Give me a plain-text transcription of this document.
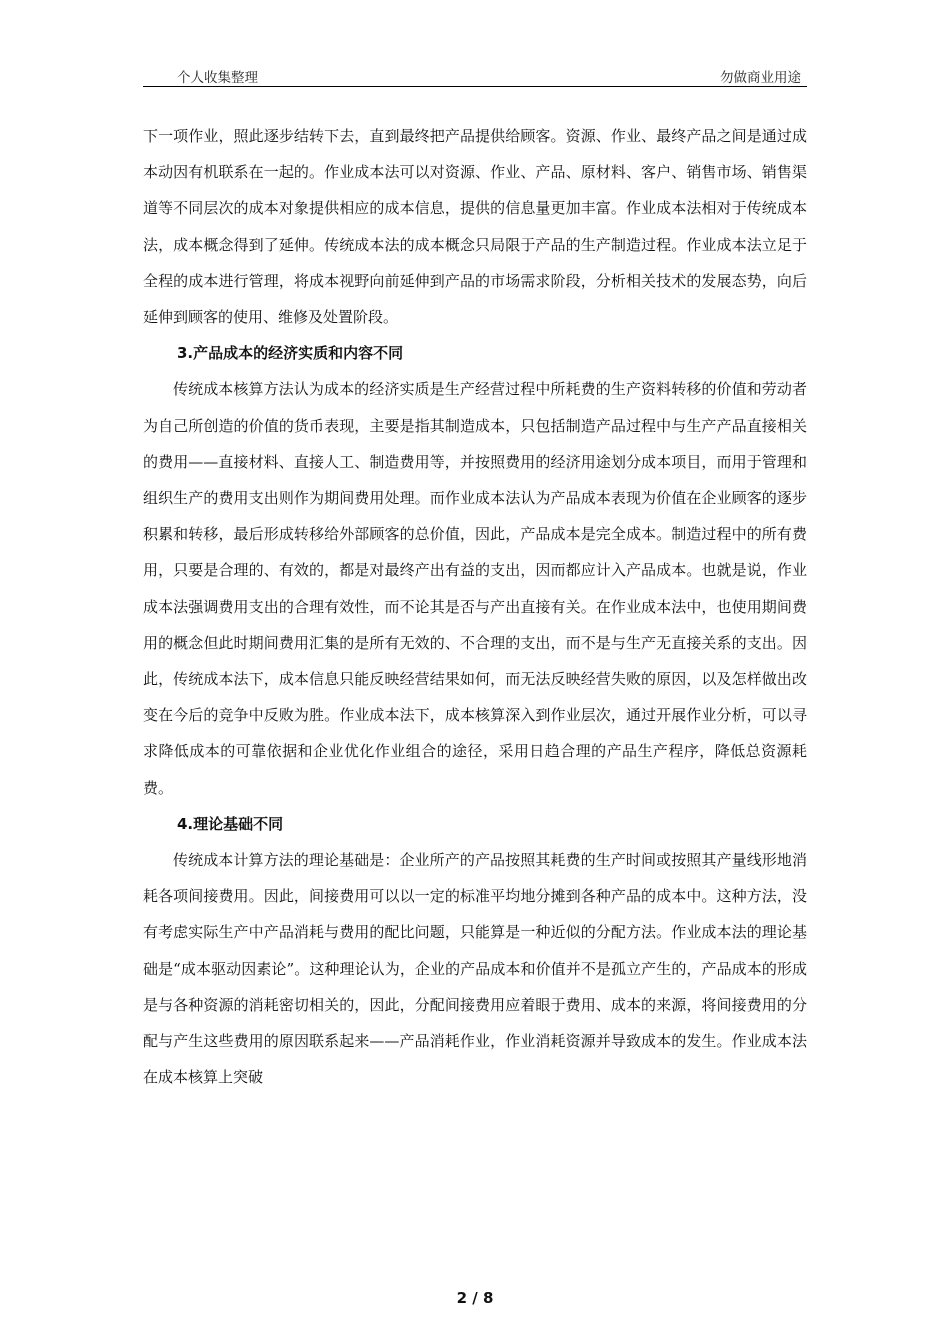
个人收集整理	勿做商业用途

下一项作业，照此逐步结转下去，直到最终把产品提供给顾客。资源、作业、最终产品之间是通过成本动因有机联系在一起的。作业成本法可以对资源、作业、产品、原材料、客户、销售市场、销售渠道等不同层次的成本对象提供相应的成本信息，提供的信息量更加丰富。作业成本法相对于传统成本法，成本概念得到了延伸。传统成本法的成本概念只局限于产品的生产制造过程。作业成本法立足于全程的成本进行管理，将成本视野向前延伸到产品的市场需求阶段，分析相关技术的发展态势，向后延伸到顾客的使用、维修及处置阶段。

3.产品成本的经济实质和内容不同

传统成本核算方法认为成本的经济实质是生产经营过程中所耗费的生产资料转移的价值和劳动者为自己所创造的价值的货币表现，主要是指其制造成本，只包括制造产品过程中与生产产品直接相关的费用——直接材料、直接人工、制造费用等，并按照费用的经济用途划分成本项目，而用于管理和组织生产的费用支出则作为期间费用处理。而作业成本法认为产品成本表现为价值在企业顾客的逐步积累和转移，最后形成转移给外部顾客的总价值，因此，产品成本是完全成本。制造过程中的所有费用，只要是合理的、有效的，都是对最终产出有益的支出，因而都应计入产品成本。也就是说，作业成本法强调费用支出的合理有效性，而不论其是否与产出直接有关。在作业成本法中，也使用期间费用的概念但此时期间费用汇集的是所有无效的、不合理的支出，而不是与生产无直接关系的支出。因此，传统成本法下，成本信息只能反映经营结果如何，而无法反映经营失败的原因，以及怎样做出改变在今后的竞争中反败为胜。作业成本法下，成本核算深入到作业层次，通过开展作业分析，可以寻求降低成本的可靠依据和企业优化作业组合的途径，采用日趋合理的产品生产程序，降低总资源耗费。

4.理论基础不同

传统成本计算方法的理论基础是：企业所产的产品按照其耗费的生产时间或按照其产量线形地消耗各项间接费用。因此，间接费用可以以一定的标准平均地分摊到各种产品的成本中。这种方法，没有考虑实际生产中产品消耗与费用的配比问题，只能算是一种近似的分配方法。作业成本法的理论基础是“成本驱动因素论”。这种理论认为，企业的产品成本和价值并不是孤立产生的，产品成本的形成是与各种资源的消耗密切相关的，因此，分配间接费用应着眼于费用、成本的来源，将间接费用的分配与产生这些费用的原因联系起来——产品消耗作业，作业消耗资源并导致成本的发生。作业成本法在成本核算上突破

2 / 8
